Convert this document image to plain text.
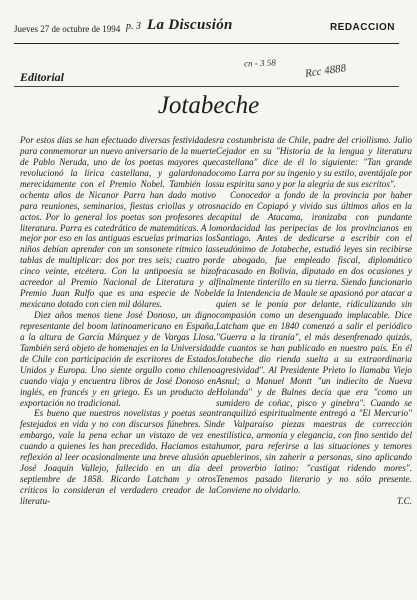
Jueves 27 de octubre de 1994 p. 3 La Discusión	REDACCION
cn - 3 58	Rcc 4888
Editorial
Jotabeche

Por estos días se han efectuado diversas festividades para conmemorar un nuevo aniversario de la muerte de Pablo Neruda, uno de los poetas mayores que revolucionó la lírica castellana, y galardonado merecidamente con el Premio Nobel. También los ochenta años de Nicanor Parra han dado motivo para reuniones, seminarios, fiestas criollas y otros actos. Por lo general los poetas son profesores de literatura. Parra es catedrático de matemáticas. A lo mejor por eso en las antiguas escuelas primarias los niños debían aprender con un sonsonete rítmico las tablas de multiplicar: dos por tres seis; cuatro por cinco veinte, etcétera. Con la antipoesía se hizo acreedor al Premio Nacional de Literatura y al Premio Juan Rulfo que es una especie de Nobel mexicano dotado con cien mil dólares.

Diez años menos tiene José Donoso, un digno representante del boom latinoamericano en España, a la altura de García Márquez y de Vargas Llosa. También será objeto de homenajes en la Universidad de Chile con participación de escritores de Estados Unidos y Europa. Uno siente orgullo como chileno cuando viaja y encuentra libros de José Donoso en inglés, en francés y en griego. Es un producto de exportación no tradicional.

Es bueno que nuestros novelistas y poetas sean festejados en vida y no con discursos fúnebres. Sin embargo, vale la pena echar un vistazo de vez en cuando a quienes les han precedido. Hacíamos esta reflexión al leer ocasionalmente una breve alusión a José Joaquín Vallejo, fallecido en un día de septiembre de 1858. Ricardo Latcham y otros críticos lo consideran el verdadero creador de la literatu-

ra costumbrista de Chile, padre del criollismo. Julio Cejador en su "Historia de la lengua y literatura castellana" dice de él lo siguiente: "Tan grande como Larra por su ingenio y su estilo, aventájale por su espíritu sano y por la alegría de sus escritos".

Conocedor a fondo de la provincia por haber nacido en Copiapó y vivido sus últimos años en la capital de Atacama, ironizaba con pundante mordacidad las peripecias de los provincianos en Santiago. Antes de dedicarse a escribir con el seudónimo de Jotabeche, estudió leyes sin recibirse de abogado, fue empleado fiscal, diplomático fracasado en Bolivia, diputado en dos ocasiones y finalmente tinterillo en su tierra. Siendo funcionario de la Intendencia de Maule se apasionó por atacar a quien se le ponía por delante, ridiculizando sin compasión como un desenguado implacable. Dice Latcham que en 1840 comenzó a salir el periódico "Guerra a la tiranía", el más desenfrenado quizás, de cuantos se han publicado en nuestro país. En él Jotabeche dio rienda suelta a su extraordinaria agresividad". Al Presidente Prieto lo llamaba Viejo Asnul; a Manuel Montt "un indiecito de Nueva Holanda" y de Bulnes decía que era "como un sumidero de coñac, pisco y ginebra". Cuando se tranquilizó espiritualmente entregó a "El Mercurio" de Valparaíso piezas maestras de corrección estilística, armonía y elegancia, con fino sentido del humor, para referirse a las situaciones y temores pueblerinos, sin zaherir a personas, sino aplicando el proverbio latino: "castigat ridendo mores". Tenemos pasado literario y no sólo presente. Conviene no olvidarlo.

T.C.
